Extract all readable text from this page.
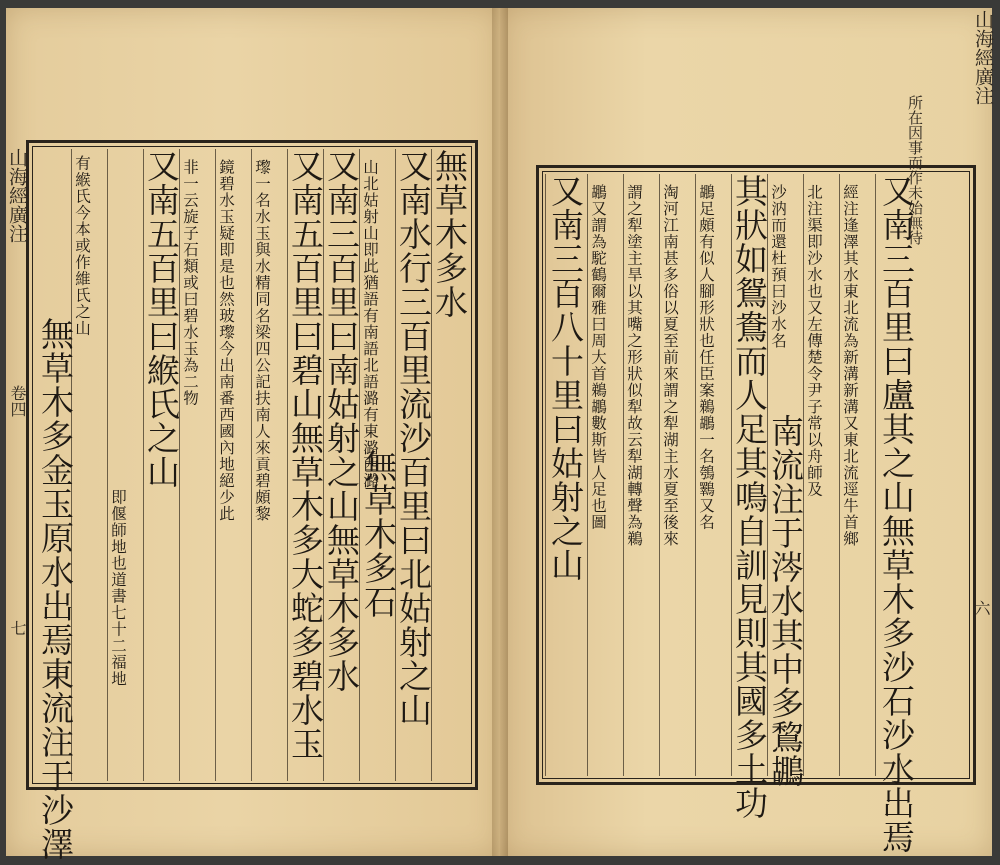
無草木多水
又南水行三百里流沙百里曰北姑射之山
山北姑射山即此猶語有南語北語潞有東潞西潞
無草木多石
又南三百里曰南姑射之山無草木多水
又南五百里曰碧山無草木多大蛇多碧水玉
瓈一名水玉與水精同名梁四公記扶南人來貢碧頗黎
鏡碧水玉疑即是也然玻瓈今出南番西國內地絕少此
非一云旋子石類或曰碧水玉為二物
又南五百里曰緱氏之山
即偃師地也道書七十二福地
有緱氏今本或作維氏之山
無草木多金玉原水出焉東流注于沙澤
山海經廣注
卷四
七	又南三百里曰盧其之山無草木多沙石沙水出焉
經注逢澤其水東北流為新溝新溝又東北流逕牛首鄉
北注渠即沙水也又左傳楚令尹子常以舟師及
沙汭而還杜預曰沙水名
南流注于涔水其中多鵹鶘
其狀如鴛鴦而人足其鳴自訓見則其國多土功
鶘足頗有似人腳形狀也任臣案鵜鶘一名鴮鸅又名
淘河江南甚多俗以夏至前來謂之犁湖主水夏至後來
謂之犁塗主旱以其嘴之形狀似犁故云犁湖轉聲為鵜
鶘又謂為駝鶴爾雅曰周大首鵜鶘數斯皆人足也圖
又南三百八十里曰姑射之山
山海經廣注
六
所在因事而作未始無待
